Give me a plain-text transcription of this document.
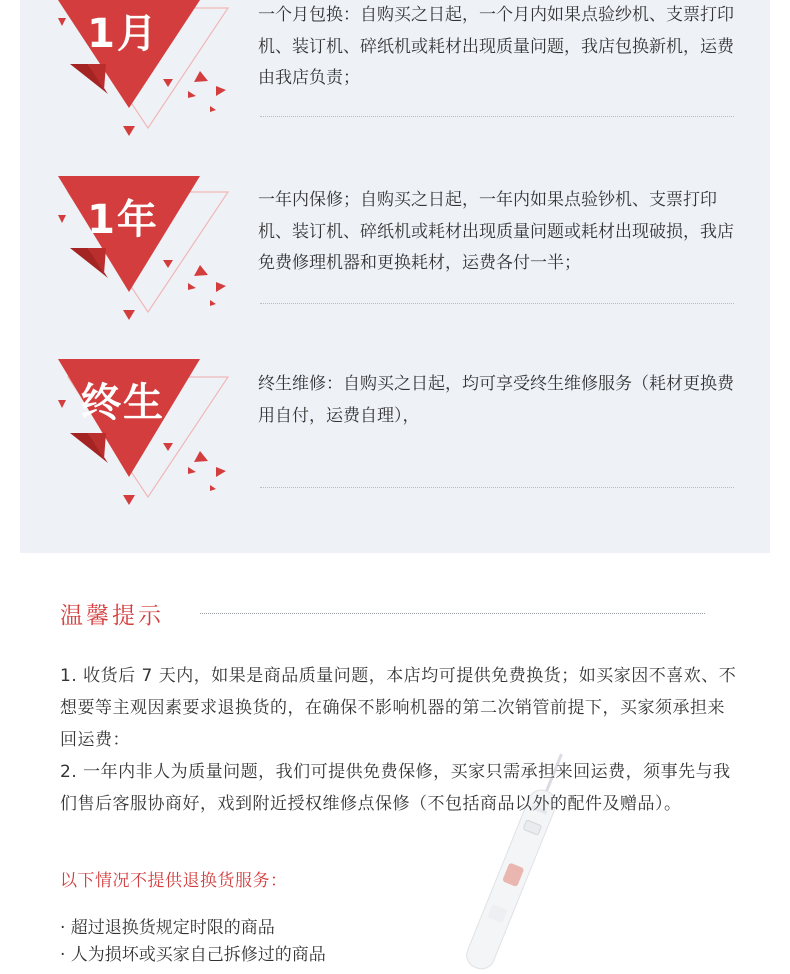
1月	一个月包换：自购买之日起，一个月内如果点验纱机、支票打印机、装订机、碎纸机或耗材出现质量问题，我店包换新机，运费由我店负责；
1年	一年内保修；自购买之日起，一年内如果点验钞机、支票打印机、装订机、碎纸机或耗材出现质量问题或耗材出现破损，我店免费修理机器和更换耗材，运费各付一半；
终生	终生维修：自购买之日起，均可享受终生维修服务（耗材更换费用自付，运费自理），
温馨提示

1. 收货后 7 天内，如果是商品质量问题，本店均可提供免费换货；如买家因不喜欢、不想要等主观因素要求退换货的，在确保不影响机器的第二次销管前提下，买家须承担来回运费：

2. 一年内非人为质量问题，我们可提供免费保修，买家只需承担来回运费，须事先与我们售后客服协商好，戏到附近授权维修点保修（不包括商品以外的配件及赠品）。

以下情况不提供退换货服务：
· 超过退换货规定时限的商品
· 人为损坏或买家自己拆修过的商品
